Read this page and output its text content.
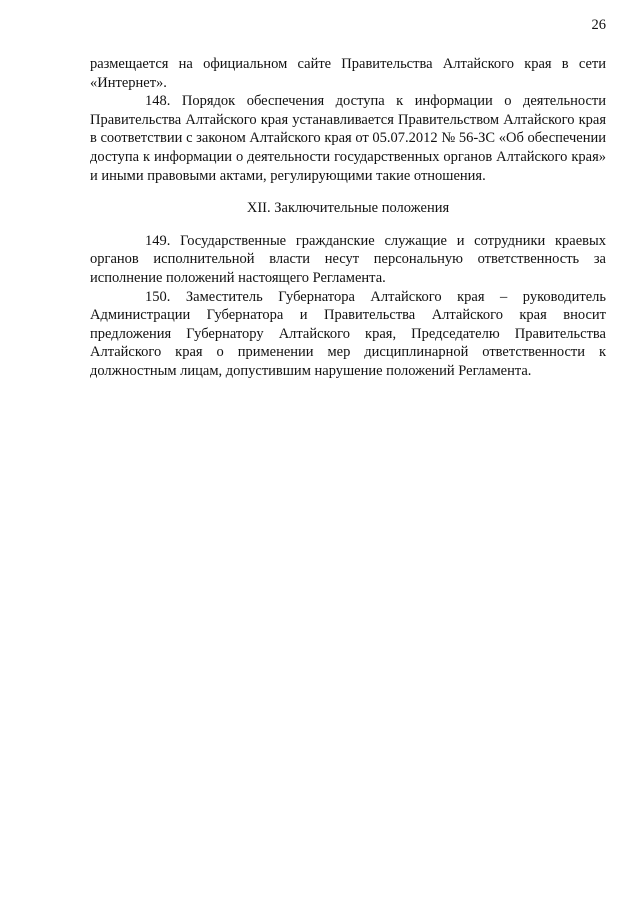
26

размещается на официальном сайте Правительства Алтайского края в сети «Интернет».

148. Порядок обеспечения доступа к информации о деятельности Правительства Алтайского края устанавливается Правительством Алтайского края в соответствии с законом Алтайского края от 05.07.2012 № 56-ЗС «Об обеспечении доступа к информации о деятельности государственных органов Алтайского края» и иными правовыми актами, регулирующими такие отношения.

XII. Заключительные положения

149. Государственные гражданские служащие и сотрудники краевых органов исполнительной власти несут персональную ответственность за исполнение положений настоящего Регламента.

150. Заместитель Губернатора Алтайского края – руководитель Администрации Губернатора и Правительства Алтайского края вносит предложения Губернатору Алтайского края, Председателю Правительства Алтайского края о применении мер дисциплинарной ответственности к должностным лицам, допустившим нарушение положений Регламента.
